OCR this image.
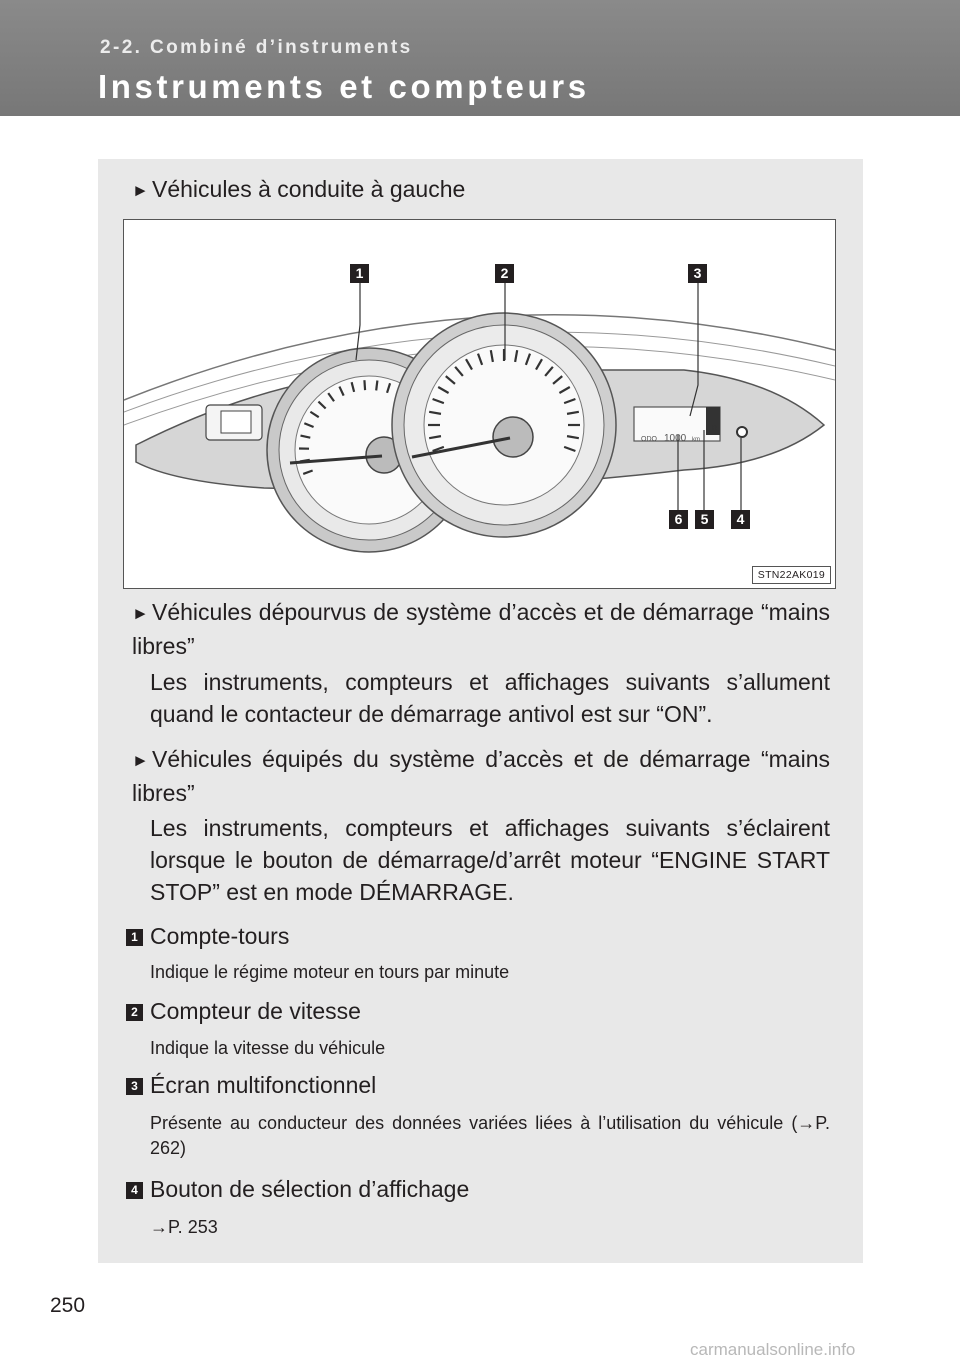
2-2. Combiné d’instruments
Instruments et compteurs
► Véhicules à conduite à gauche
ODO 1000 km
R
1	2	3
6	5	4
STN22AK019
► Véhicules dépourvus de système d’accès et de démarrage “mains libres”
Les instruments, compteurs et affichages suivants s’allument quand le contacteur de démarrage antivol est sur “ON”.
► Véhicules équipés du système d’accès et de démarrage “mains libres”
Les instruments, compteurs et affichages suivants s’éclairent lorsque le bouton de démarrage/d’arrêt moteur “ENGINE START STOP” est en mode DÉMARRAGE.
1 Compte-tours
Indique le régime moteur en tours par minute
2 Compteur de vitesse
Indique la vitesse du véhicule
3 Écran multifonctionnel
Présente au conducteur des données variées liées à l’utilisation du véhicule (→P. 262)
4 Bouton de sélection d’affichage
→P. 253
250
carmanualsonline.info
